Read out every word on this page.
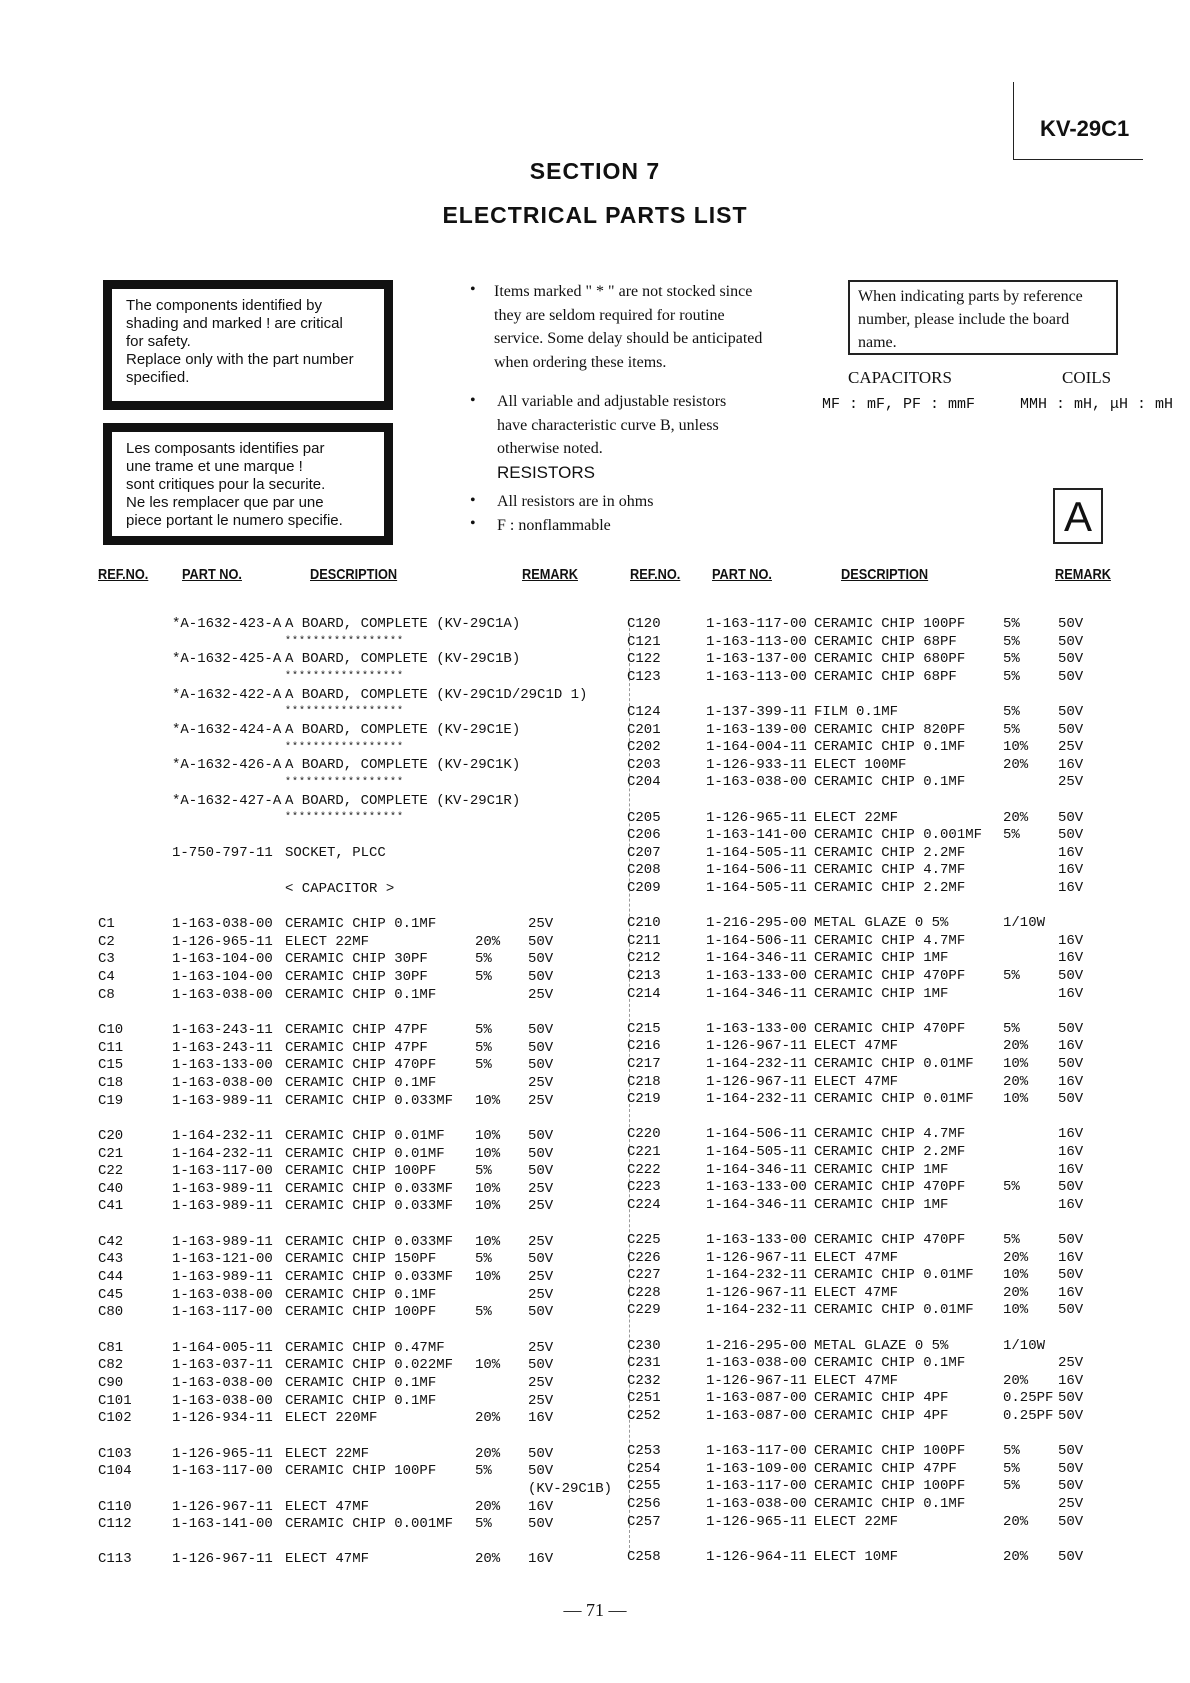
KV-29C1
SECTION 7
ELECTRICAL PARTS LIST
The components identified by
shading and marked ! are critical
for safety.
Replace only with the part number
specified.
Les composants identifies par
une trame et une marque !
sont critiques pour la securite.
Ne les remplacer que par une
piece portant le numero specifie.
• Items marked " * " are not stocked since
they are seldom required for routine
service. Some delay should be anticipated
when ordering these items.
• All variable and adjustable resistors
have characteristic curve B, unless
otherwise noted.
RESISTORS
• All resistors are in ohms
• F : nonflammable
When indicating parts by reference
number, please include the board
name.
CAPACITORS	COILS
MF : mF, PF : mmF	MMH : mH, μH : mH
A
REF.NO. PART NO.	DESCRIPTION	REMARK	REF.NO. PART NO.	DESCRIPTION	REMARK
*A-1632-423-A A BOARD, COMPLETE (KV-29C1A)
*****************
*A-1632-425-A A BOARD, COMPLETE (KV-29C1B)
*****************
*A-1632-422-A A BOARD, COMPLETE (KV-29C1D/29C1D 1)
*****************
*A-1632-424-A A BOARD, COMPLETE (KV-29C1E)
*****************
*A-1632-426-A A BOARD, COMPLETE (KV-29C1K)
*****************
*A-1632-427-A A BOARD, COMPLETE (KV-29C1R)
*****************
1-750-797-11 SOCKET, PLCC
< CAPACITOR >
C1	1-163-038-00 CERAMIC CHIP 0.1MF	25V
C2	1-126-965-11 ELECT 22MF	20% 50V
C3	1-163-104-00 CERAMIC CHIP 30PF	5%	50V
C4	1-163-104-00 CERAMIC CHIP 30PF	5%	50V
C8	1-163-038-00 CERAMIC CHIP 0.1MF	25V
C10	1-163-243-11 CERAMIC CHIP 47PF	5%	50V
C11	1-163-243-11 CERAMIC CHIP 47PF	5%	50V
C15	1-163-133-00 CERAMIC CHIP 470PF	5%	50V
C18	1-163-038-00 CERAMIC CHIP 0.1MF	25V
C19	1-163-989-11 CERAMIC CHIP 0.033MF 10% 25V
C20	1-164-232-11 CERAMIC CHIP 0.01MF 10% 50V
C21	1-164-232-11 CERAMIC CHIP 0.01MF 10% 50V
C22	1-163-117-00 CERAMIC CHIP 100PF	5%	50V
C40	1-163-989-11 CERAMIC CHIP 0.033MF 10% 25V
C41	1-163-989-11 CERAMIC CHIP 0.033MF 10% 25V
C42	1-163-989-11 CERAMIC CHIP 0.033MF 10% 25V
C43	1-163-121-00 CERAMIC CHIP 150PF	5%	50V
C44	1-163-989-11 CERAMIC CHIP 0.033MF 10% 25V
C45	1-163-038-00 CERAMIC CHIP 0.1MF	25V
C80	1-163-117-00 CERAMIC CHIP 100PF	5%	50V
C81	1-164-005-11 CERAMIC CHIP 0.47MF	25V
C82	1-163-037-11 CERAMIC CHIP 0.022MF 10% 50V
C90	1-163-038-00 CERAMIC CHIP 0.1MF	25V
C101	1-163-038-00 CERAMIC CHIP 0.1MF	25V
C102	1-126-934-11 ELECT 220MF	20% 16V
C103	1-126-965-11 ELECT 22MF	20% 50V
C104	1-163-117-00 CERAMIC CHIP 100PF	5%	50V
(KV-29C1B)
C110	1-126-967-11 ELECT 47MF	20% 16V
C112	1-163-141-00 CERAMIC CHIP 0.001MF 5%	50V
C113	1-126-967-11 ELECT 47MF	20% 16V
C120	1-163-117-00 CERAMIC CHIP 100PF	5%	50V
C121	1-163-113-00 CERAMIC CHIP 68PF	5%	50V
C122	1-163-137-00 CERAMIC CHIP 680PF	5%	50V
C123	1-163-113-00 CERAMIC CHIP 68PF	5%	50V
C124	1-137-399-11 FILM 0.1MF	5%	50V
C201	1-163-139-00 CERAMIC CHIP 820PF	5%	50V
C202	1-164-004-11 CERAMIC CHIP 0.1MF	10% 25V
C203	1-126-933-11 ELECT 100MF	20% 16V
C204	1-163-038-00 CERAMIC CHIP 0.1MF	25V
C205	1-126-965-11 ELECT 22MF	20% 50V
C206	1-163-141-00 CERAMIC CHIP 0.001MF 5%	50V
C207	1-164-505-11 CERAMIC CHIP 2.2MF	16V
C208	1-164-506-11 CERAMIC CHIP 4.7MF	16V
C209	1-164-505-11 CERAMIC CHIP 2.2MF	16V
C210	1-216-295-00 METAL GLAZE 0 5%	1/10W
C211	1-164-506-11 CERAMIC CHIP 4.7MF	16V
C212	1-164-346-11 CERAMIC CHIP 1MF	16V
C213	1-163-133-00 CERAMIC CHIP 470PF	5%	50V
C214	1-164-346-11 CERAMIC CHIP 1MF	16V
C215	1-163-133-00 CERAMIC CHIP 470PF	5%	50V
C216	1-126-967-11 ELECT 47MF	20% 16V
C217	1-164-232-11 CERAMIC CHIP 0.01MF 10% 50V
C218	1-126-967-11 ELECT 47MF	20% 16V
C219	1-164-232-11 CERAMIC CHIP 0.01MF 10% 50V
C220	1-164-506-11 CERAMIC CHIP 4.7MF	16V
C221	1-164-505-11 CERAMIC CHIP 2.2MF	16V
C222	1-164-346-11 CERAMIC CHIP 1MF	16V
C223	1-163-133-00 CERAMIC CHIP 470PF	5%	50V
C224	1-164-346-11 CERAMIC CHIP 1MF	16V
C225	1-163-133-00 CERAMIC CHIP 470PF	5%	50V
C226	1-126-967-11 ELECT 47MF	20% 16V
C227	1-164-232-11 CERAMIC CHIP 0.01MF 10% 50V
C228	1-126-967-11 ELECT 47MF	20% 16V
C229	1-164-232-11 CERAMIC CHIP 0.01MF 10% 50V
C230	1-216-295-00 METAL GLAZE 0 5%	1/10W
C231	1-163-038-00 CERAMIC CHIP 0.1MF	25V
C232	1-126-967-11 ELECT 47MF	20% 16V
C251	1-163-087-00 CERAMIC CHIP 4PF	0.25PF 50V
C252	1-163-087-00 CERAMIC CHIP 4PF	0.25PF 50V
C253	1-163-117-00 CERAMIC CHIP 100PF	5%	50V
C254	1-163-109-00 CERAMIC CHIP 47PF	5%	50V
C255	1-163-117-00 CERAMIC CHIP 100PF	5%	50V
C256	1-163-038-00 CERAMIC CHIP 0.1MF	25V
C257	1-126-965-11 ELECT 22MF	20% 50V
C258	1-126-964-11 ELECT 10MF	20% 50V
— 71 —
